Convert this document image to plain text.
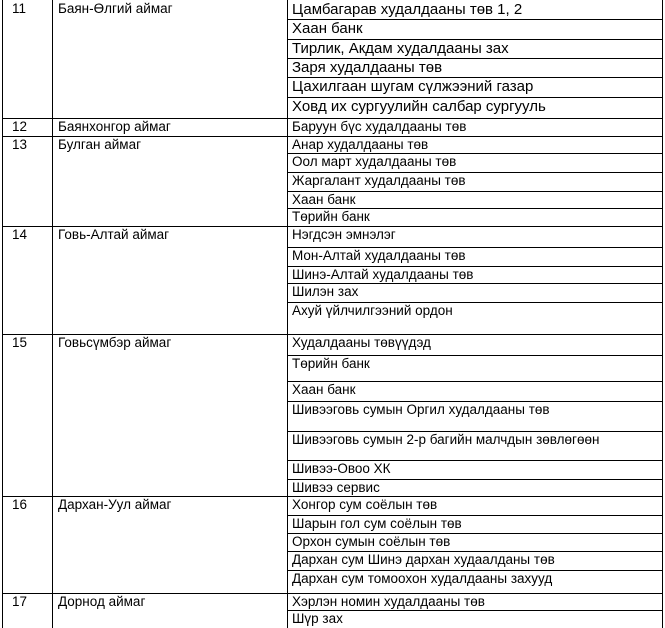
11 Баян-Өлгий аймаг	Цамбагарав худалдааны төв 1, 2
Хаан банк
Тирлик, Акдам худалдааны зах
Заря худалдааны төв
Цахилгаан шугам сүлжээний газар
Ховд их сургуулийн салбар сургууль
12 Баянхонгор аймаг	Баруун бүс худалдааны төв
13 Булган аймаг	Анар худалдааны төв
Оол март худалдааны төв
Жаргалант худалдааны төв
Хаан банк
Төрийн банк
14 Говь-Алтай аймаг	Нэгдсэн эмнэлэг
Мон-Алтай худалдааны төв
Шинэ-Алтай худалдааны төв
Шилэн зах
Ахуй үйлчилгээний ордон
15 Говьсүмбэр аймаг	Худалдааны төвүүдэд
Төрийн банк
Хаан банк
Шивээговь сумын Оргил худалдааны төв
Шивээговь сумын 2-р багийн малчдын зөвлөгөөн
Шивээ-Овоо ХК
Шивээ сервис
16 Дархан-Уул аймаг	Хонгор сум соёлын төв
Шарын гол сум соёлын төв
Орхон сумын соёлын төв
Дархан сум Шинэ дархан худаалданы төв
Дархан сум томоохон худалдааны захууд
17 Дорнод аймаг	Хэрлэн номин худалдааны төв
Шүр зах
